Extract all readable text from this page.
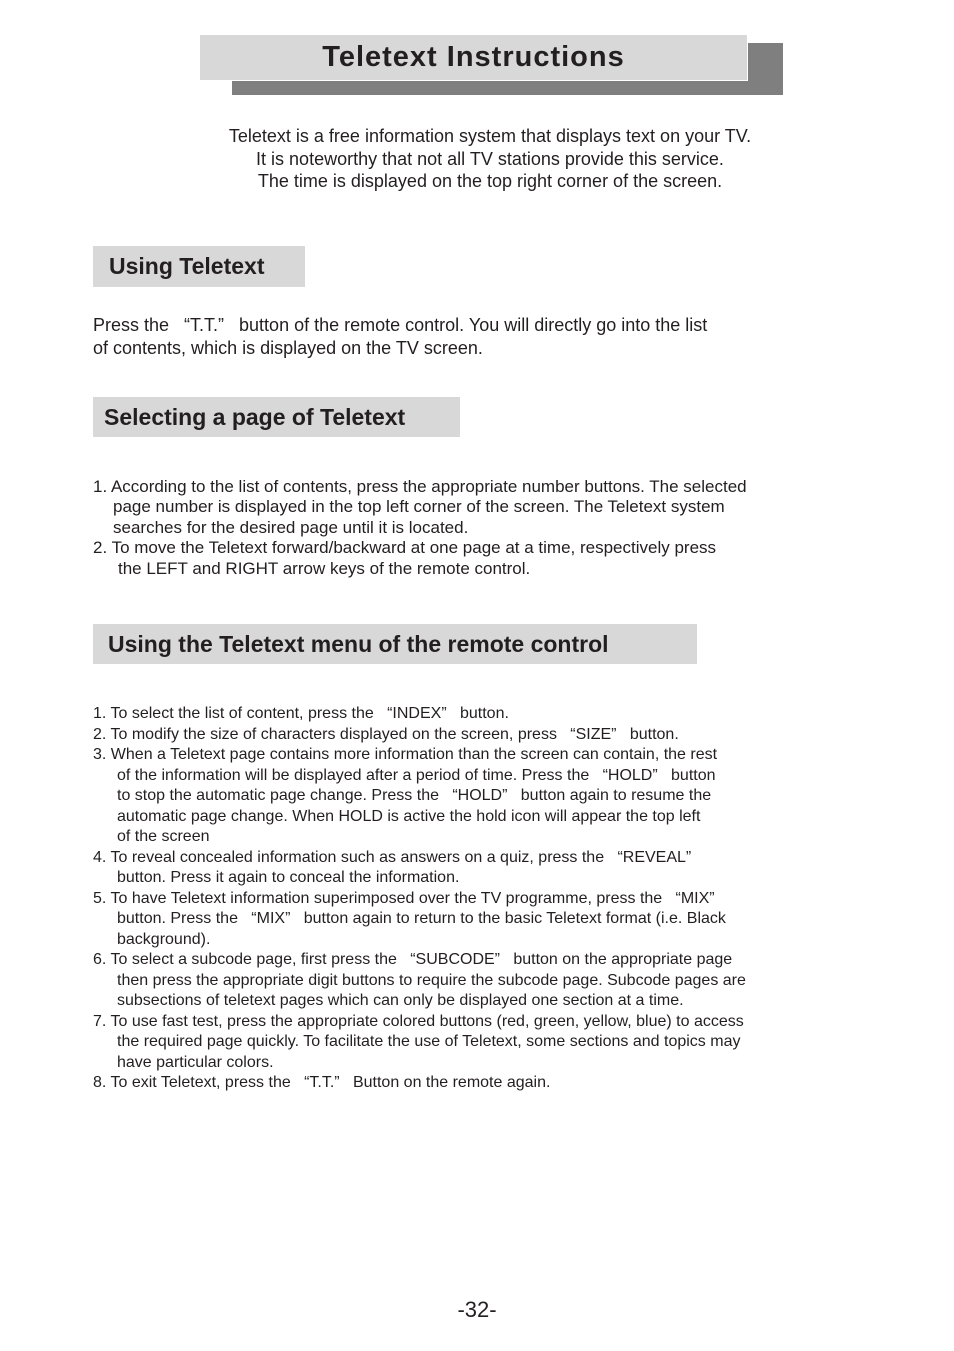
Teletext Instructions
Teletext is a free information system that displays text on your TV.
It is noteworthy that not all TV stations provide this service.
The time is displayed on the top right corner of the screen.
Using Teletext
Press the   “T.T.”   button of the remote control. You will directly go into the list
of contents, which is displayed on the TV screen.
Selecting a page of Teletext
1. According to the list of contents, press the appropriate number buttons. The selected
page number is displayed in the top left corner of the screen. The Teletext system
searches for the desired page until it is located.
2. To move the Teletext forward/backward at one page at a time, respectively press
the LEFT and RIGHT arrow keys of the remote control.
Using the Teletext menu of the remote control
1. To select the list of content, press the   “INDEX”   button.
2. To modify the size of characters displayed on the screen, press   “SIZE”   button.
3. When a Teletext page contains more information than the screen can contain, the rest
of the information will be displayed after a period of time. Press the   “HOLD”   button
to stop the automatic page change. Press the   “HOLD”   button again to resume the
automatic page change. When HOLD is active the hold icon will appear the top left
of the screen
4. To reveal concealed information such as answers on a quiz, press the   “REVEAL”
button. Press it again to conceal the information.
5. To have Teletext information superimposed over the TV programme, press the   “MIX”
button. Press the   “MIX”   button again to return to the basic Teletext format (i.e. Black
background).
6. To select a subcode page, first press the   “SUBCODE”   button on the appropriate page
then press the appropriate digit buttons to require the subcode page. Subcode pages are
subsections of teletext pages which can only be displayed one section at a time.
7. To use fast test, press the appropriate colored buttons (red, green, yellow, blue) to access
the required page quickly. To facilitate the use of Teletext, some sections and topics may
have particular colors.
8. To exit Teletext, press the   “T.T.”   Button on the remote again.
-32-
